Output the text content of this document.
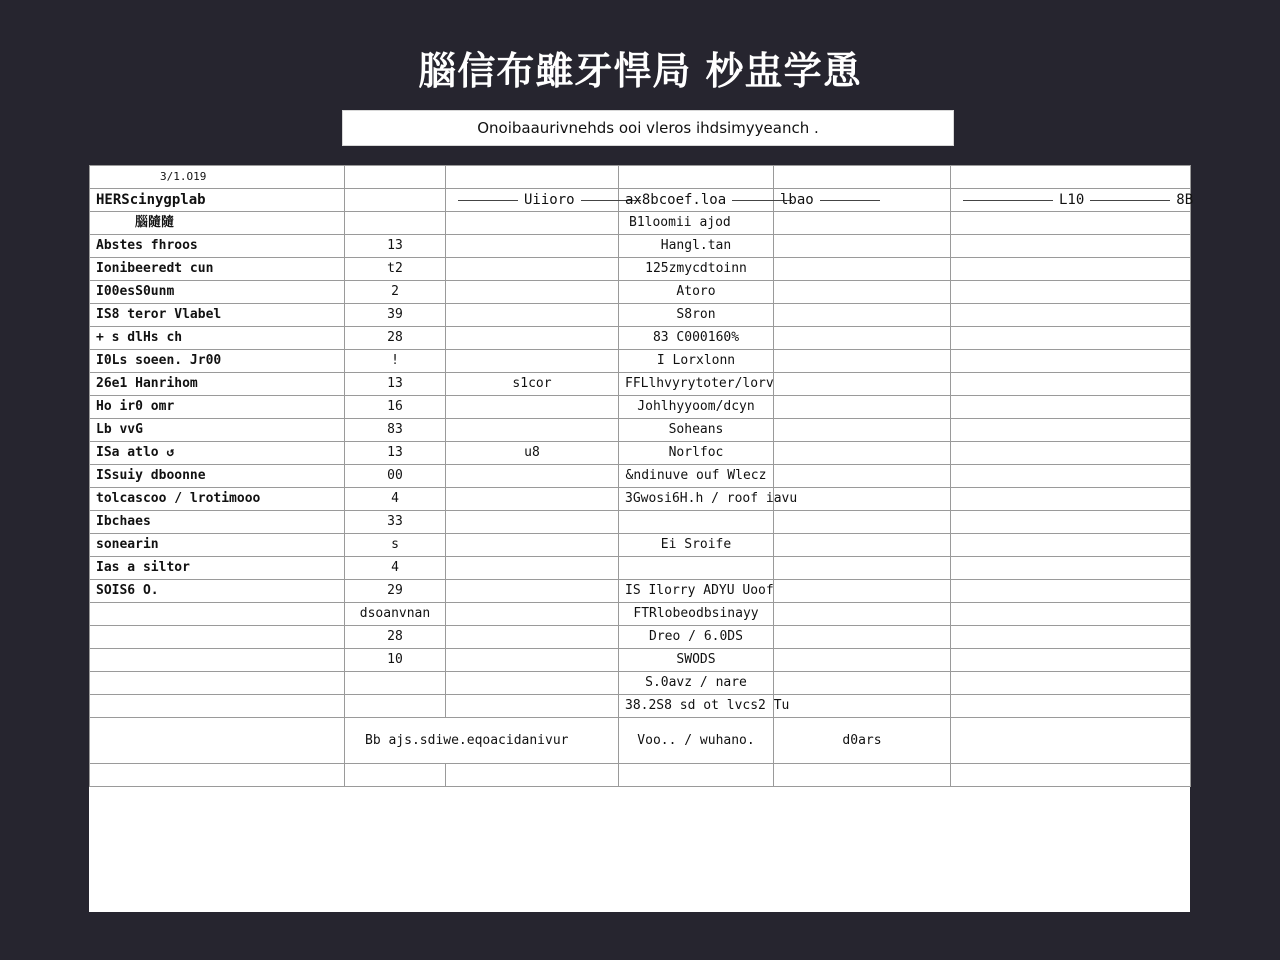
腦信布雖牙悍局 杪盅学恿
Onoibaaurivnehds ooi vleros ihdsimyyeanch .
3/1.O19					
HERScinygplab		Uiioro	ax8bcoef.loa	lbao	L10 8B
腦隨隨			B1loomii ajod		
Abstes fhroos	13		Hangl.tan		
Ionibeeredt cun	t2		125zmycdtoinn		
I00esS0unm	2		Atoro		
IS8 teror Vlabel	39		S8ron		
+ s dlHs ch	28		83 C000160%		
I0Ls soeen. Jr00	!		I Lorxlonn		
26e1 Hanrihom	13	s1cor	FFLlhvyrytoter/lorv		
Ho ir0 omr	16		Johlhyyoom/dcyn		
Lb vvG	83		Soheans		
ISa atlo ↺	13	u8	Norlfoc		
ISsuiy dboonne	00		&ndinuve ouf Wlecz		
tolcascoo / lrotimooo	4		3Gwosi6H.h / roof iavu		
Ibchaes	33				
sonearin	s		Ei Sroife		
Ias a siltor	4				
SOIS6 O.	29		IS Ilorry ADYU Uoof		
	dsoanvnan		FTRlobeodbsinayy		
	28		Dreo / 6.0DS		
	10		SWODS		
			S.0avz / nare		
			38.2S8 sd ot lvcs2 Tu		
	Bb ajs.sdiwe.eqoacidanivur		Voo.. / wuhano.	d0ars	
